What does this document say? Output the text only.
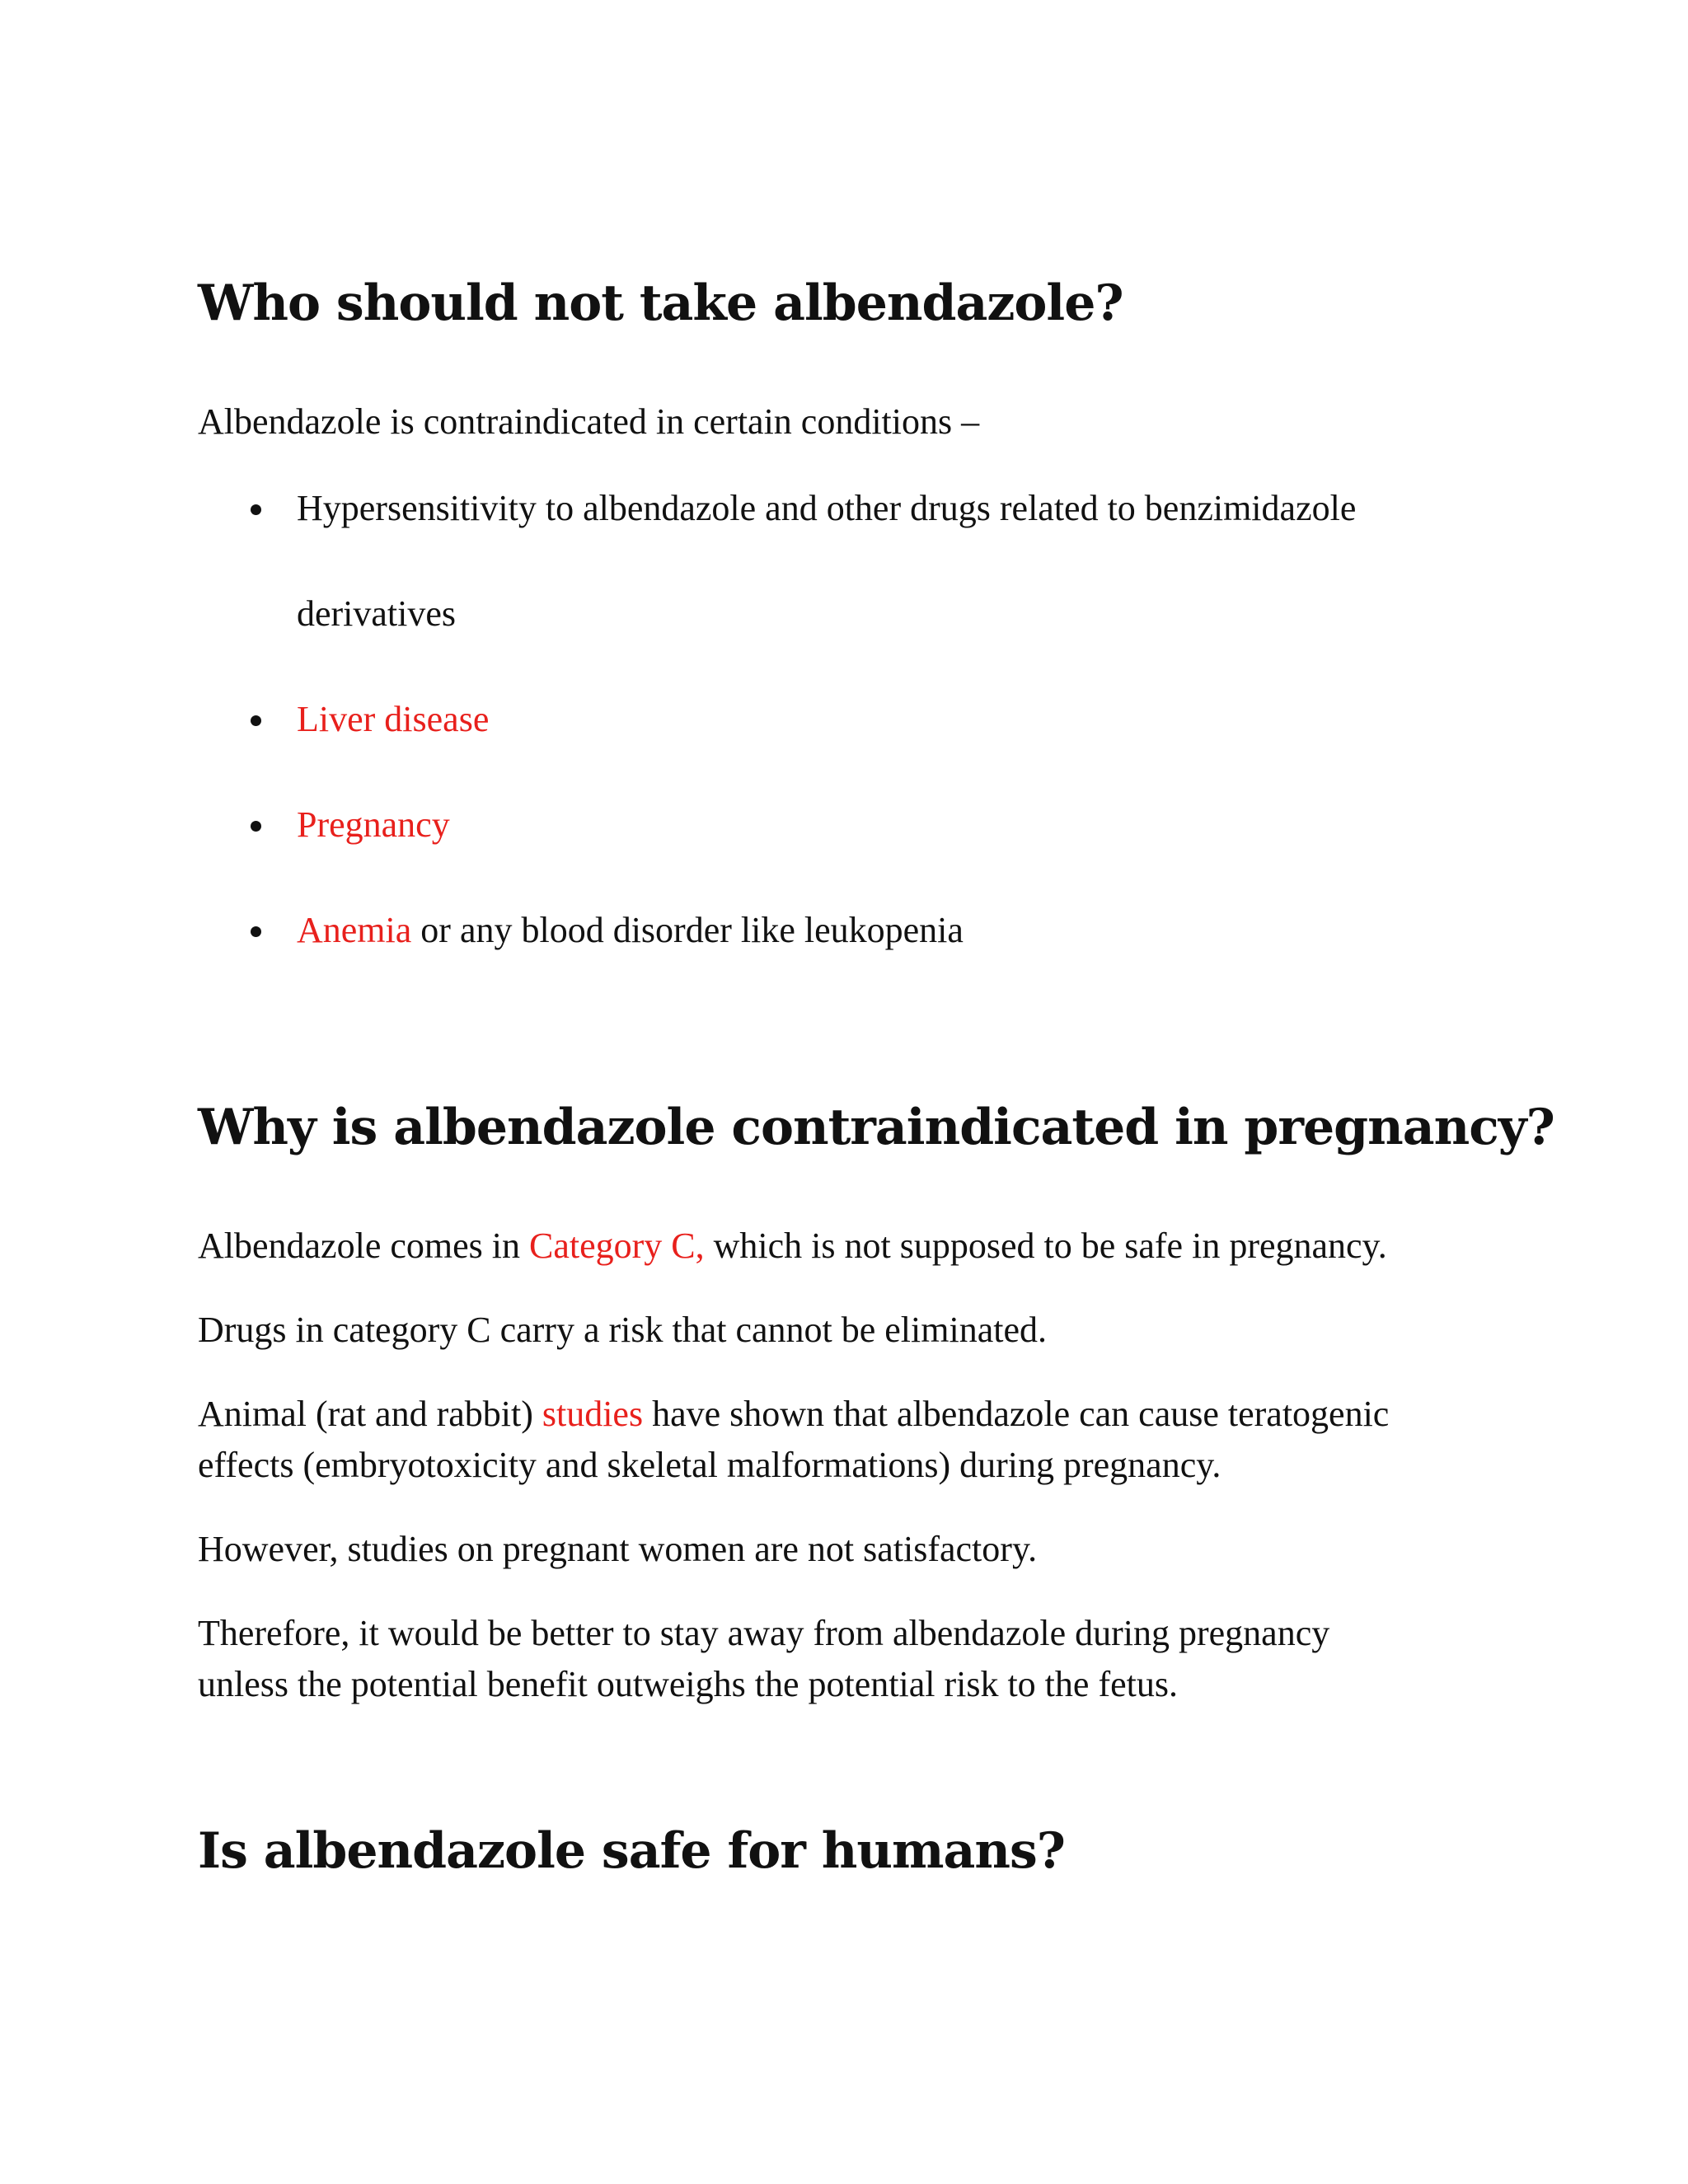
Who should not take albendazole?

Albendazole is contraindicated in certain conditions –

Hypersensitivity to albendazole and other drugs related to benzimidazole
derivatives
Liver disease
Pregnancy
Anemia or any blood disorder like leukopenia
Why is albendazole contraindicated in pregnancy?

Albendazole comes in Category C, which is not supposed to be safe in pregnancy.

Drugs in category C carry a risk that cannot be eliminated.

Animal (rat and rabbit) studies have shown that albendazole can cause teratogenic
effects (embryotoxicity and skeletal malformations) during pregnancy.

However, studies on pregnant women are not satisfactory.

Therefore, it would be better to stay away from albendazole during pregnancy
unless the potential benefit outweighs the potential risk to the fetus.

Is albendazole safe for humans?
